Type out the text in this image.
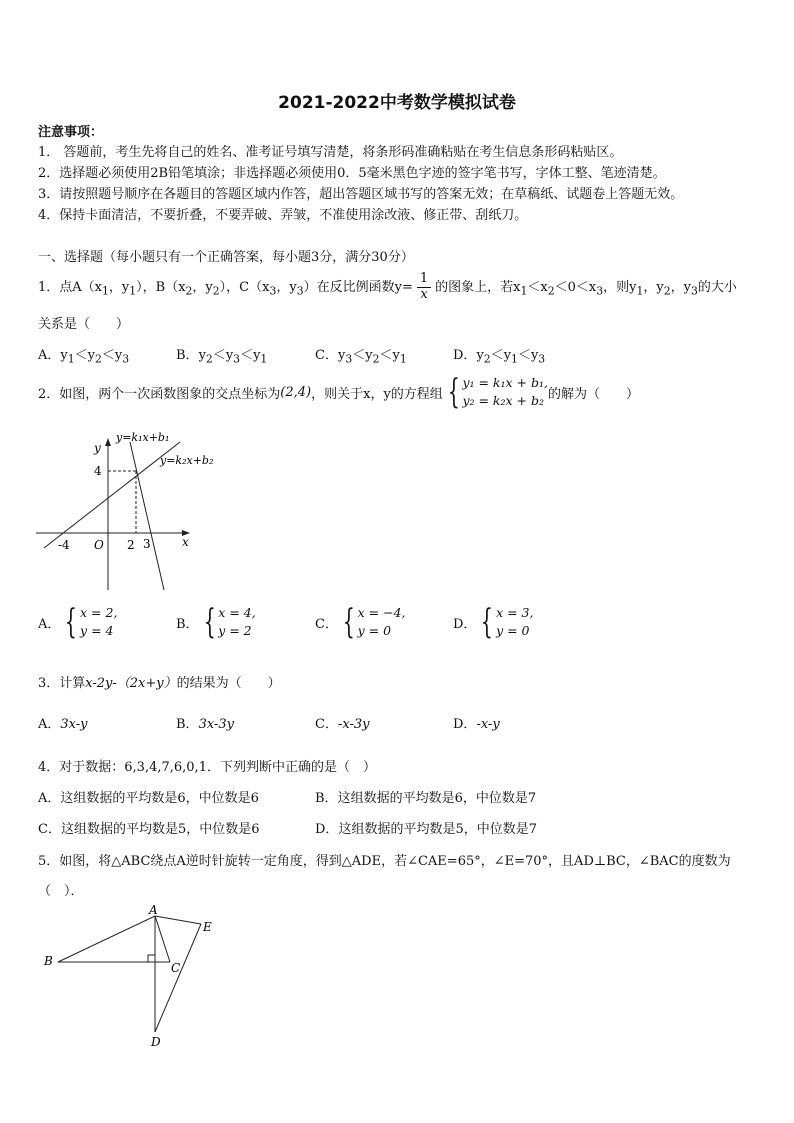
2021-2022中考数学模拟试卷
注意事项：
1． 答题前，考生先将自己的姓名、准考证号填写清楚，将条形码准确粘贴在考生信息条形码粘贴区。
2．选择题必须使用2B铅笔填涂；非选择题必须使用0．5毫米黑色字迹的签字笔书写，字体工整、笔迹清楚。
3．请按照题号顺序在各题目的答题区域内作答，超出答题区域书写的答案无效；在草稿纸、试题卷上答题无效。
4．保持卡面清洁，不要折叠，不要弄破、弄皱，不准使用涂改液、修正带、刮纸刀。
一、选择题（每小题只有一个正确答案，每小题3分，满分30分）
1．点$A(x_1$，$y_1$），$B(x_2$，$y_2$），$C(x_3$，$y_3$）在反比例函数$y= \frac{1}{x}$ 的图象上，若$x_1<x_2<0<x_3$，则$y_1$，$y_2$，$y_3$的大小
关系是（　　）
A．$y_1<y_2<y_3$	B．$y_2<y_3<y_1$	C．$y_3<y_2<y_1$	D．$y_2<y_1<y_3$
2．如图，两个一次函数图象的交点坐标为 (2,4) ，则关于x，y的方程组 { y₁ = k₁x + b₁,
y₂ = k₂x + b₂ 的解为（　　）
y=k₁x+b₁
y=k₂x+b₂
y
x
O
-4	2 3
4
A． { x = 2,
y = 4	B． { x = 4,
y = 2	C． { x = −4,
y = 0	D． { x = 3,
y = 0
3．计算x-2y-（2x+y）的结果为（　　）
A．3x-y	B．3x-3y	C．-x-3y	D．-x-y
4．对于数据：6,3,4,7,6,0,1．下列判断中正确的是（　）
A．这组数据的平均数是6，中位数是6	B．这组数据的平均数是6，中位数是7
C．这组数据的平均数是5，中位数是6	D．这组数据的平均数是5，中位数是7
5．如图，将△ABC绕点A逆时针旋转一定角度，得到△ADE，若∠CAE=65°，∠E=70°，且AD⊥BC，∠BAC的度数为
（　）．
A
B	C
D
E
